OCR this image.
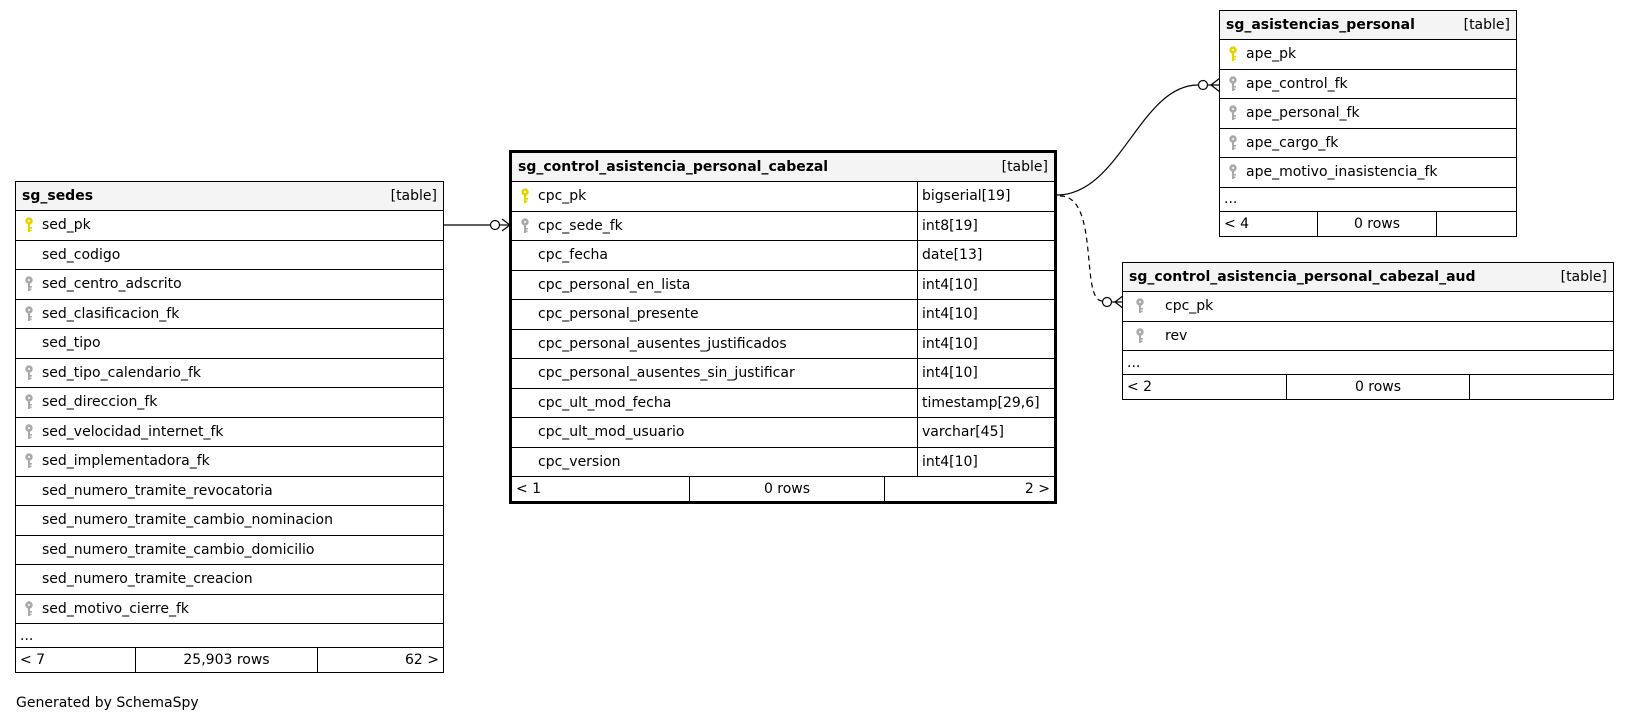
sg_sedes	[table]
sed_pk
sed_codigo
sed_centro_adscrito
sed_clasificacion_fk
sed_tipo
sed_tipo_calendario_fk
sed_direccion_fk
sed_velocidad_internet_fk
sed_implementadora_fk
sed_numero_tramite_revocatoria
sed_numero_tramite_cambio_nominacion
sed_numero_tramite_cambio_domicilio
sed_numero_tramite_creacion
sed_motivo_cierre_fk
...
< 7	25,903 rows	62 >
sg_control_asistencia_personal_cabezal	[table]
cpc_pk	bigserial[19]
cpc_sede_fk	int8[19]
cpc_fecha	date[13]
cpc_personal_en_lista	int4[10]
cpc_personal_presente	int4[10]
cpc_personal_ausentes_justificados	int4[10]
cpc_personal_ausentes_sin_justificar	int4[10]
cpc_ult_mod_fecha	timestamp[29,6]
cpc_ult_mod_usuario	varchar[45]
cpc_version	int4[10]
< 1	0 rows	2 >
sg_asistencias_personal	[table]
ape_pk
ape_control_fk
ape_personal_fk
ape_cargo_fk
ape_motivo_inasistencia_fk
...
< 4	0 rows
sg_control_asistencia_personal_cabezal_aud	[table]
cpc_pk
rev
...
< 2	0 rows
Generated by SchemaSpy
